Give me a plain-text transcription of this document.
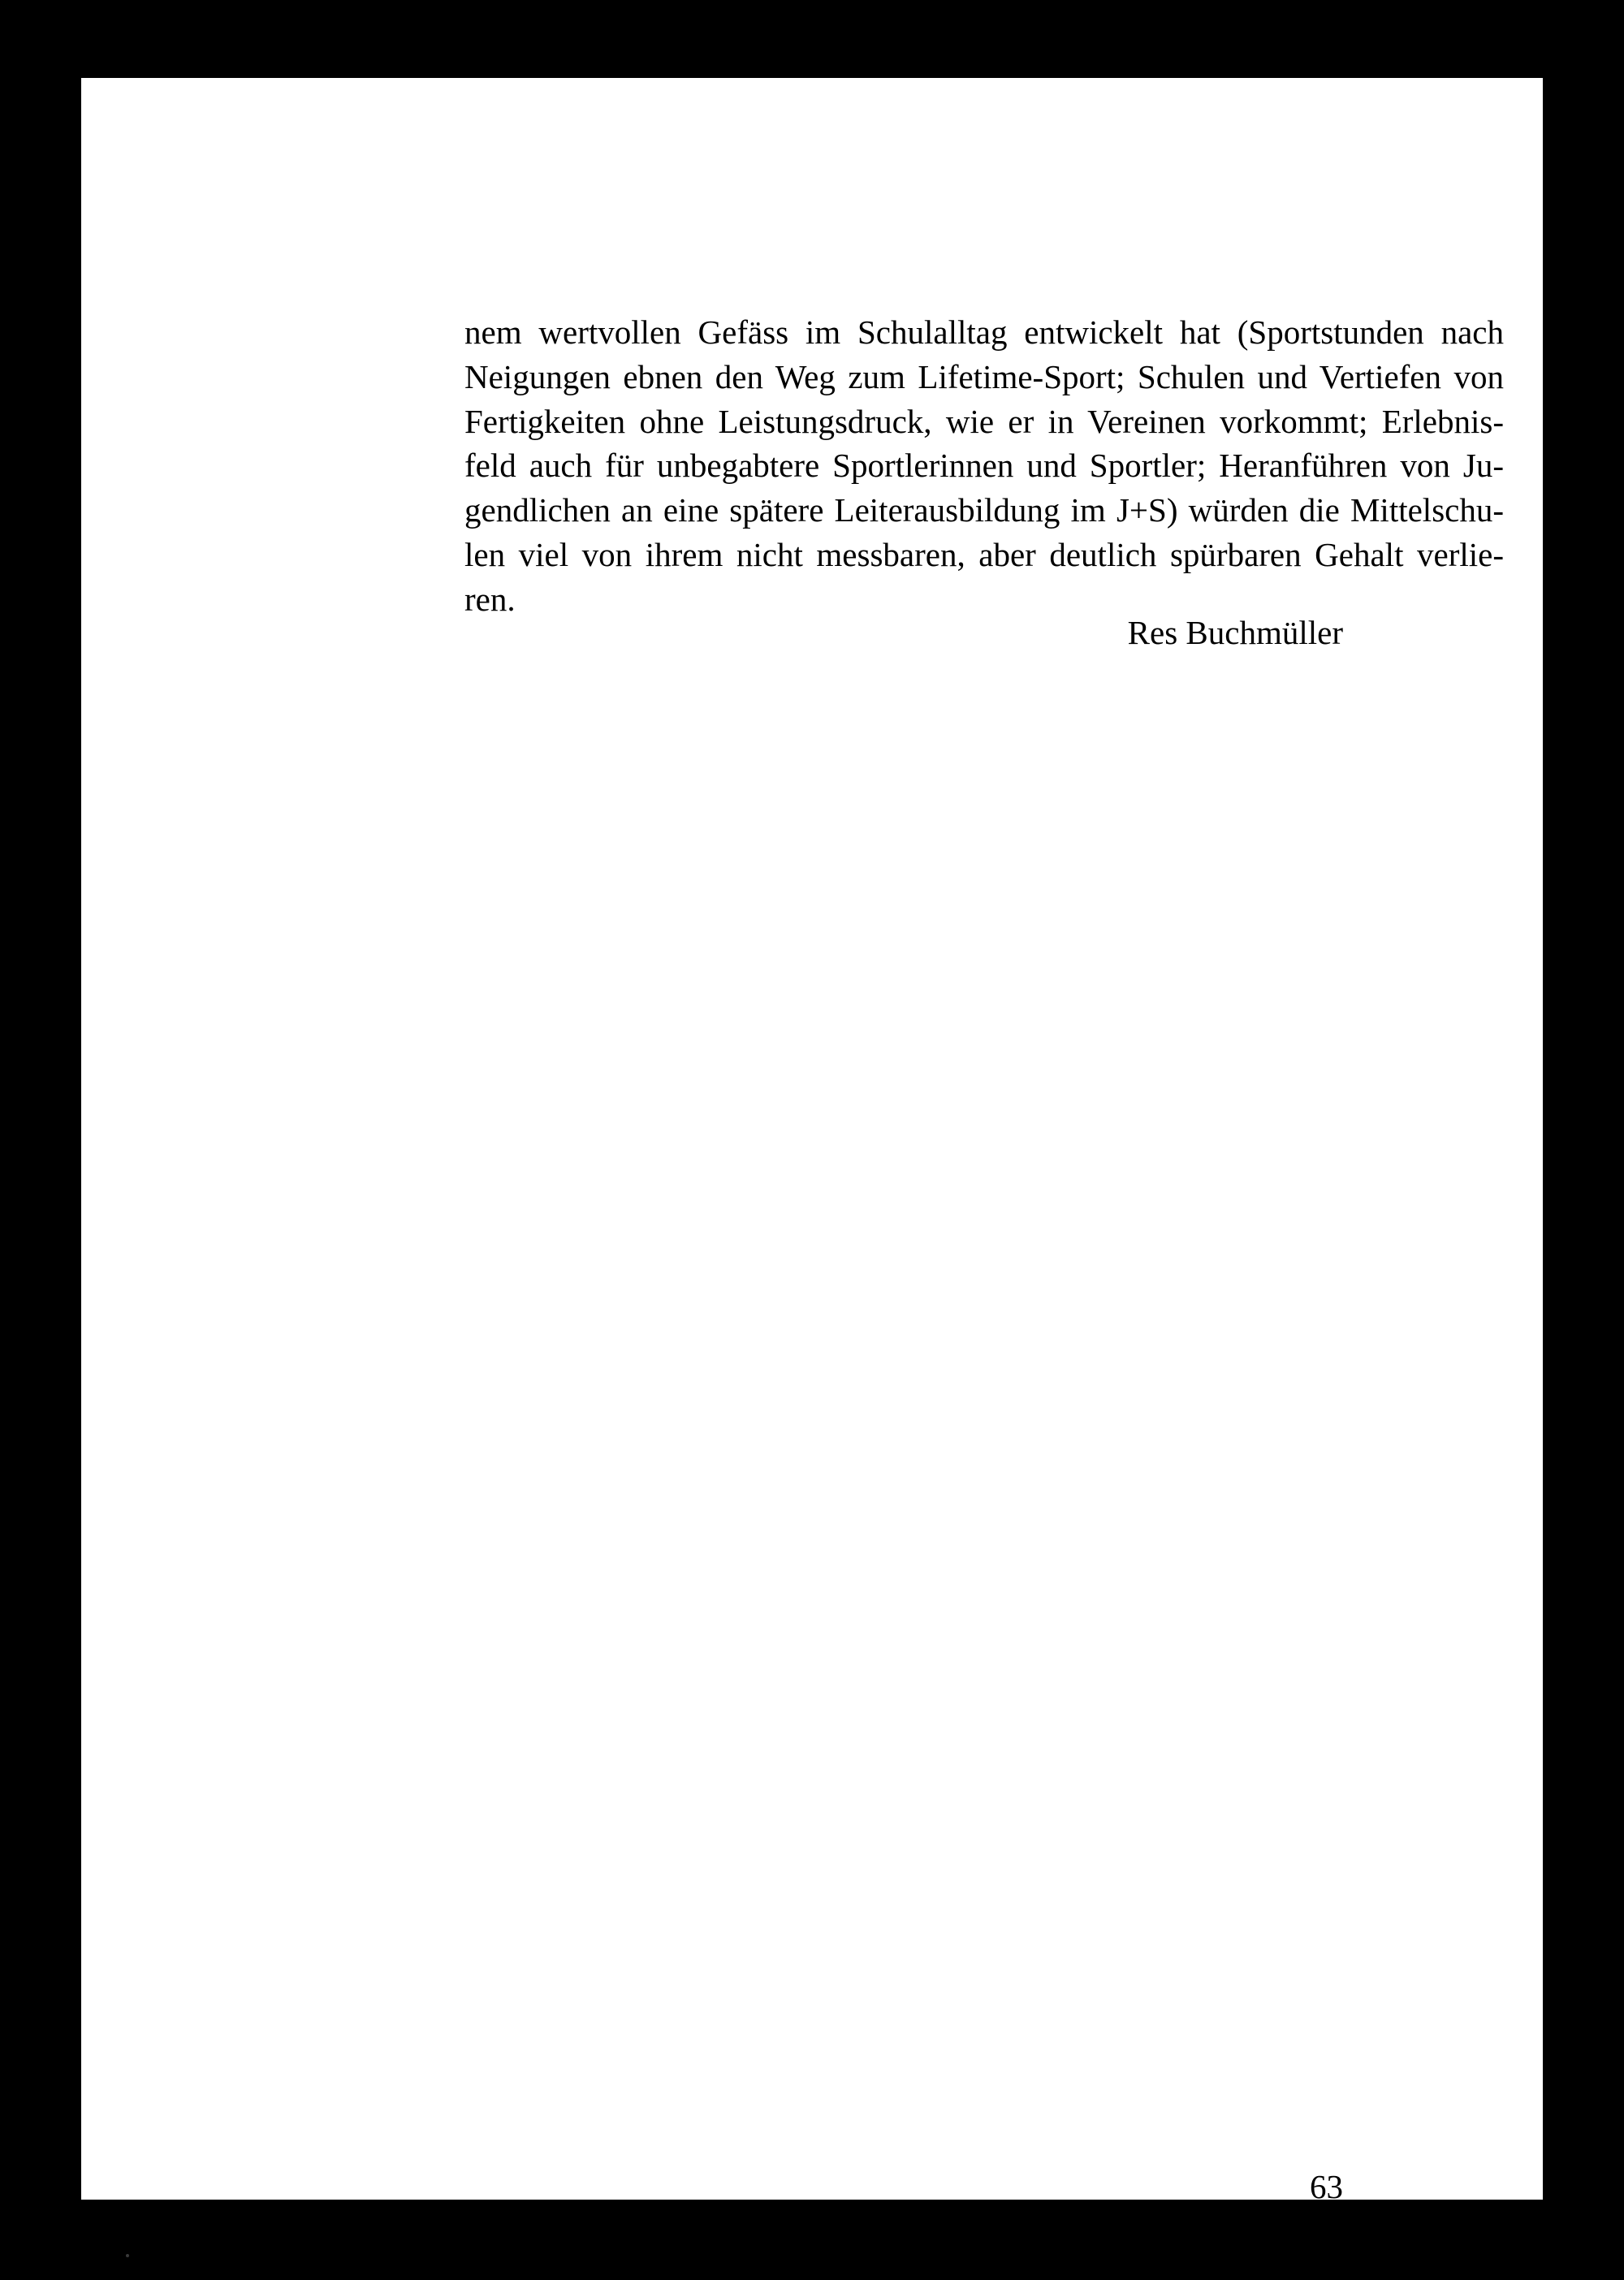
nem wertvollen Gefäss im Schulalltag entwickelt hat (Sportstunden nach
Neigungen ebnen den Weg zum Lifetime-Sport; Schulen und Vertiefen von
Fertigkeiten ohne Leistungsdruck, wie er in Vereinen vorkommt; Erlebnis-
feld auch für unbegabtere Sportlerinnen und Sportler; Heranführen von Ju-
gendlichen an eine spätere Leiterausbildung im J+S) würden die Mittelschu-
len viel von ihrem nicht messbaren, aber deutlich spürbaren Gehalt verlie-
ren.
Res Buchmüller
63
